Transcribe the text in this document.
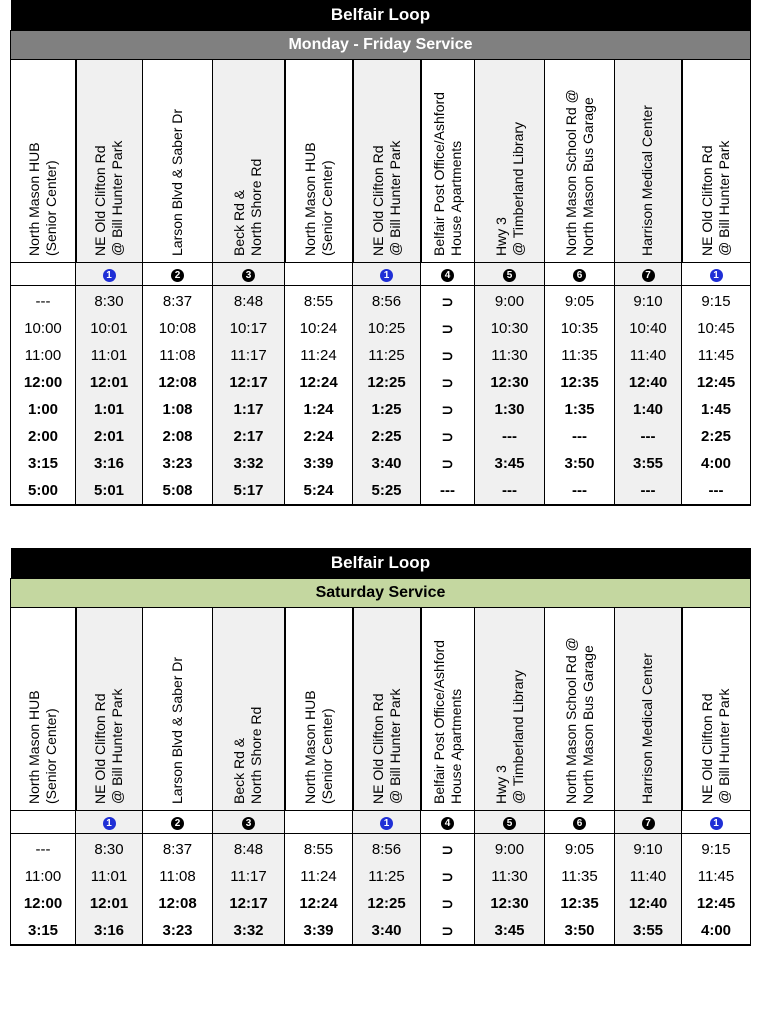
Belfair Loop										
Monday - Friday Service										

North Mason HUB (Senior Center)	NE Old Clifton Rd @ Bill Hunter Park	Larson Blvd & Saber Dr	Beck Rd & North Shore Rd	North Mason HUB (Senior Center)	NE Old Clifton Rd @ Bill Hunter Park	Belfair Post Office/Ashford House Apartments	Hwy 3 @ Timberland Library	North Mason School Rd @ North Mason Bus Garage	Harrison Medical Center	NE Old Clifton Rd @ Bill Hunter Park

	1	2	3		1	4	5	6	7	1
---	8:30	8:37	8:48	8:55	8:56	⊃	9:00	9:05	9:10	9:15
10:00	10:01	10:08	10:17	10:24	10:25	⊃	10:30	10:35	10:40	10:45
11:00	11:01	11:08	11:17	11:24	11:25	⊃	11:30	11:35	11:40	11:45
12:00	12:01	12:08	12:17	12:24	12:25	⊃	12:30	12:35	12:40	12:45
1:00	1:01	1:08	1:17	1:24	1:25	⊃	1:30	1:35	1:40	1:45
2:00	2:01	2:08	2:17	2:24	2:25	⊃	---	---	---	2:25
3:15	3:16	3:23	3:32	3:39	3:40	⊃	3:45	3:50	3:55	4:00
5:00	5:01	5:08	5:17	5:24	5:25	---	---	---	---	---
Belfair Loop										
Saturday Service										

North Mason HUB (Senior Center)	NE Old Clifton Rd @ Bill Hunter Park	Larson Blvd & Saber Dr	Beck Rd & North Shore Rd	North Mason HUB (Senior Center)	NE Old Clifton Rd @ Bill Hunter Park	Belfair Post Office/Ashford House Apartments	Hwy 3 @ Timberland Library	North Mason School Rd @ North Mason Bus Garage	Harrison Medical Center	NE Old Clifton Rd @ Bill Hunter Park

	1	2	3		1	4	5	6	7	1
---	8:30	8:37	8:48	8:55	8:56	⊃	9:00	9:05	9:10	9:15
11:00	11:01	11:08	11:17	11:24	11:25	⊃	11:30	11:35	11:40	11:45
12:00	12:01	12:08	12:17	12:24	12:25	⊃	12:30	12:35	12:40	12:45
3:15	3:16	3:23	3:32	3:39	3:40	⊃	3:45	3:50	3:55	4:00
